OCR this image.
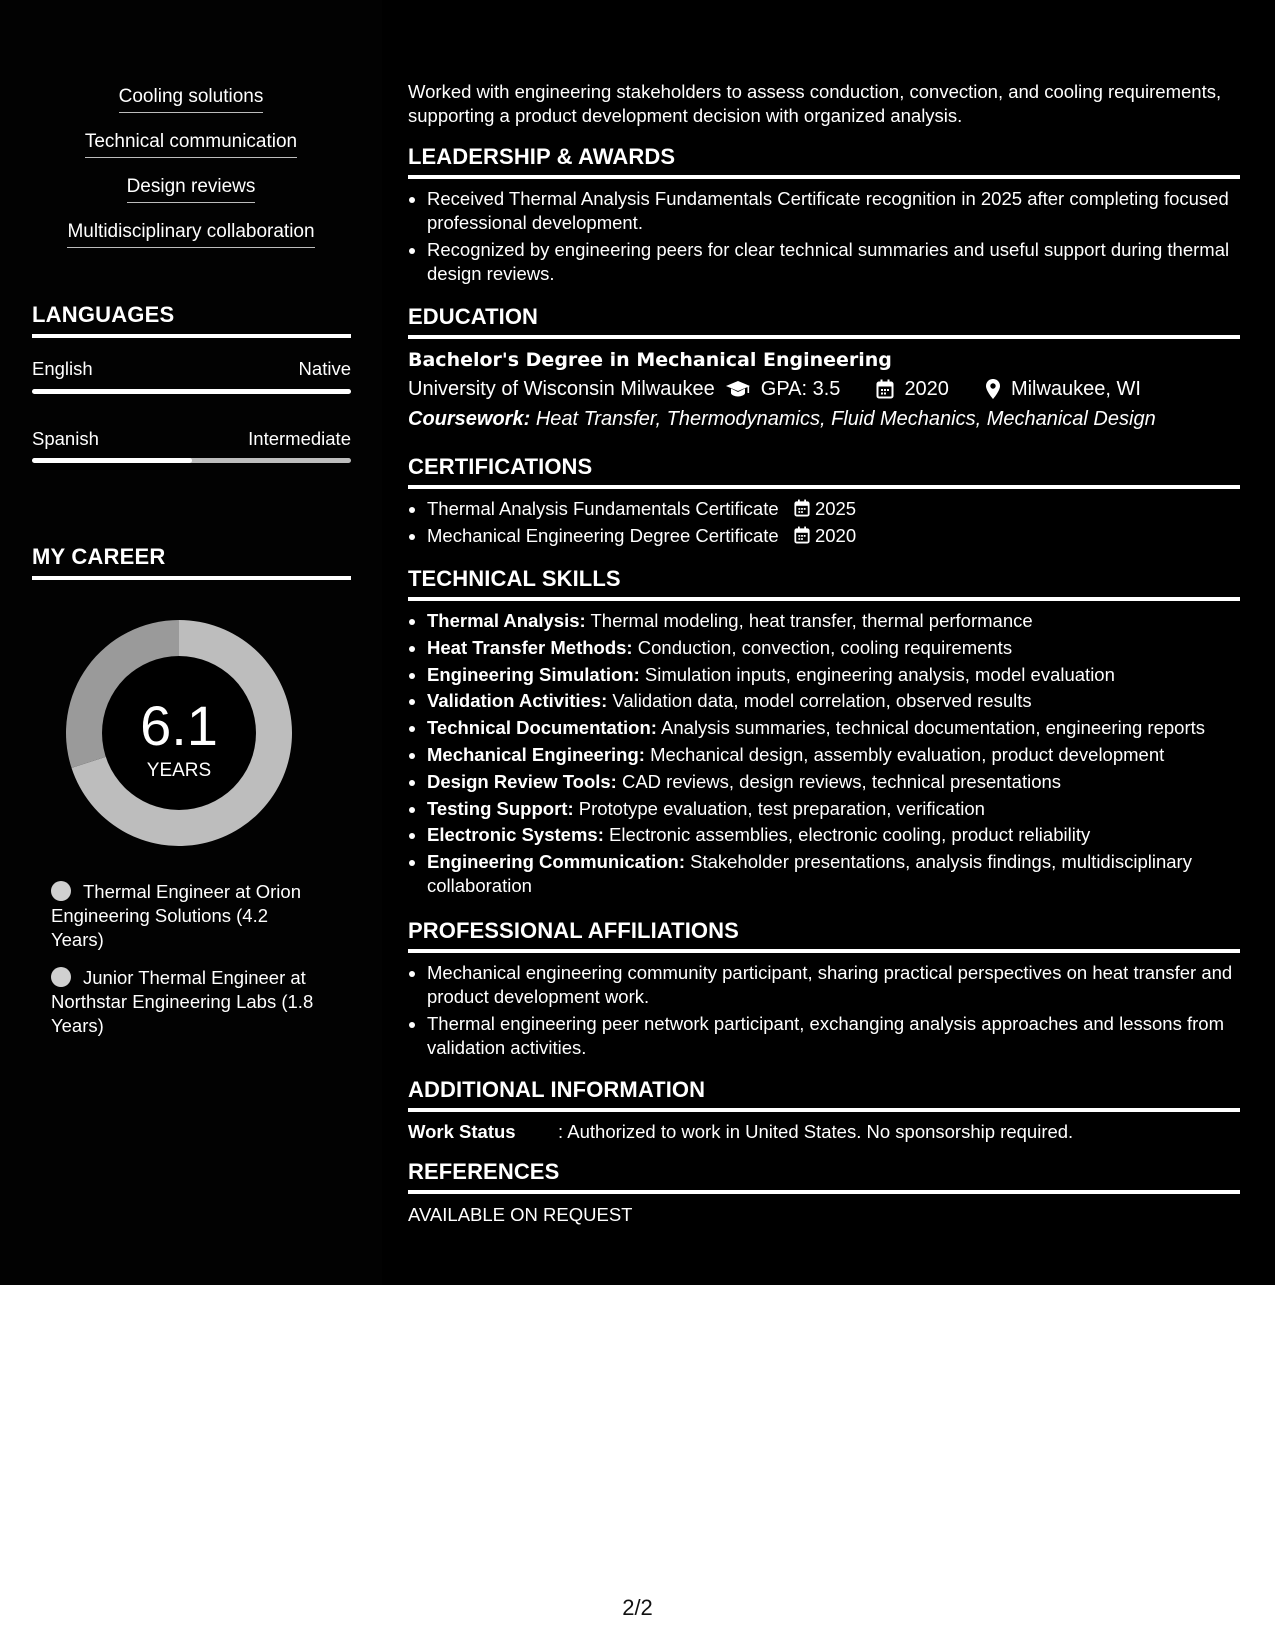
Cooling solutions
Technical communication
Design reviews
Multidisciplinary collaboration
LANGUAGES
English	Native
Spanish	Intermediate
MY CAREER
6.1
YEARS
Thermal Engineer at Orion Engineering Solutions (4.2 Years)
Junior Thermal Engineer at Northstar Engineering Labs (1.8 Years)
Worked with engineering stakeholders to assess conduction, convection, and cooling requirements, supporting a product development decision with organized analysis.
LEADERSHIP & AWARDS
• Received Thermal Analysis Fundamentals Certificate recognition in 2025 after completing focused professional development.
• Recognized by engineering peers for clear technical summaries and useful support during thermal design reviews.
EDUCATION
Bachelor's Degree in Mechanical Engineering
University of Wisconsin Milwaukee GPA: 3.5	2020	Milwaukee, WI
Coursework: Heat Transfer, Thermodynamics, Fluid Mechanics, Mechanical Design
CERTIFICATIONS
• Thermal Analysis Fundamentals Certificate 2025
• Mechanical Engineering Degree Certificate 2020
TECHNICAL SKILLS
• Thermal Analysis: Thermal modeling, heat transfer, thermal performance
• Heat Transfer Methods: Conduction, convection, cooling requirements
• Engineering Simulation: Simulation inputs, engineering analysis, model evaluation
• Validation Activities: Validation data, model correlation, observed results
• Technical Documentation: Analysis summaries, technical documentation, engineering reports
• Mechanical Engineering: Mechanical design, assembly evaluation, product development
• Design Review Tools: CAD reviews, design reviews, technical presentations
• Testing Support: Prototype evaluation, test preparation, verification
• Electronic Systems: Electronic assemblies, electronic cooling, product reliability
• Engineering Communication: Stakeholder presentations, analysis findings, multidisciplinary collaboration
PROFESSIONAL AFFILIATIONS
• Mechanical engineering community participant, sharing practical perspectives on heat transfer and product development work.
• Thermal engineering peer network participant, exchanging analysis approaches and lessons from validation activities.
ADDITIONAL INFORMATION
Work Status	: Authorized to work in United States. No sponsorship required.
REFERENCES
AVAILABLE ON REQUEST
2/2
